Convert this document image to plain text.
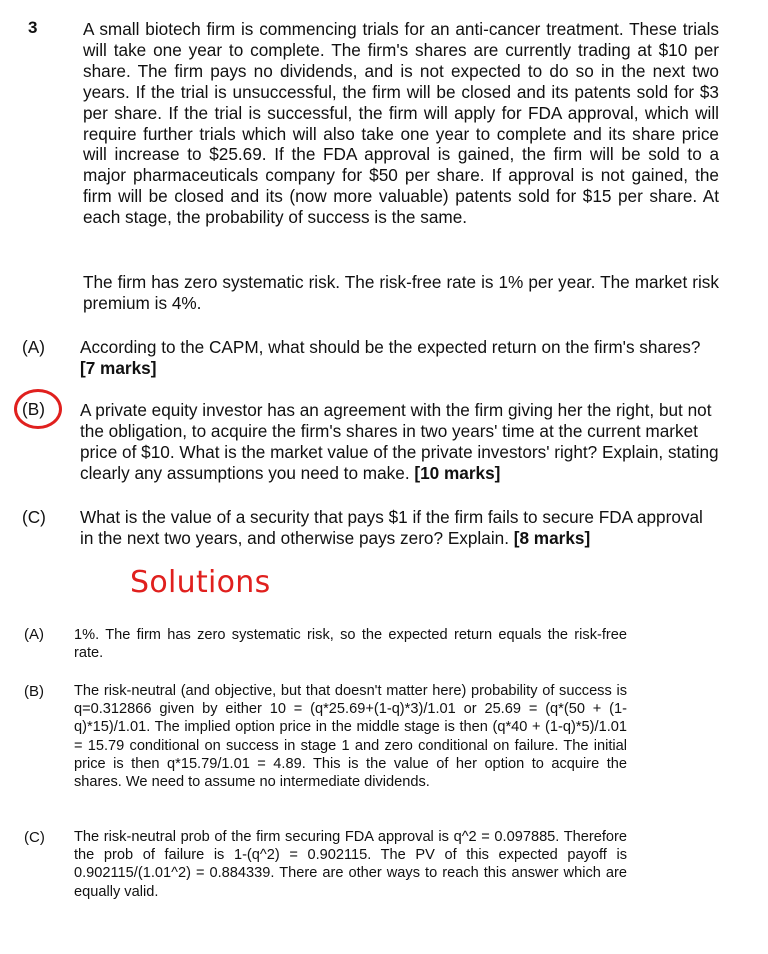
3	A small biotech firm is commencing trials for an anti-cancer treatment. These trials will take one year to complete. The firm's shares are currently trading at $10 per share. The firm pays no dividends, and is not expected to do so in the next two years. If the trial is unsuccessful, the firm will be closed and its patents sold for $3 per share. If the trial is successful, the firm will apply for FDA approval, which will require further trials which will also take one year to complete and its share price will increase to $25.69. If the FDA approval is gained, the firm will be sold to a major pharmaceuticals company for $50 per share. If approval is not gained, the firm will be closed and its (now more valuable) patents sold for $15 per share. At each stage, the probability of success is the same.
The firm has zero systematic risk. The risk-free rate is 1% per year. The market risk premium is 4%.
(A) According to the CAPM, what should be the expected return on the firm's shares? [7 marks]
(B) A private equity investor has an agreement with the firm giving her the right, but not the obligation, to acquire the firm's shares in two years' time at the current market price of $10. What is the market value of the private investors' right? Explain, stating clearly any assumptions you need to make. [10 marks]
(C) What is the value of a security that pays $1 if the firm fails to secure FDA approval in the next two years, and otherwise pays zero? Explain. [8 marks]
Solutions
(A) 1%. The firm has zero systematic risk, so the expected return equals the risk-free rate.
(B) The risk-neutral (and objective, but that doesn't matter here) probability of success is q=0.312866 given by either 10 = (q*25.69+(1-q)*3)/1.01 or 25.69 = (q*(50 + (1-q)*15)/1.01. The implied option price in the middle stage is then (q*40 + (1-q)*5)/1.01 = 15.79 conditional on success in stage 1 and zero conditional on failure. The initial price is then q*15.79/1.01 = 4.89. This is the value of her option to acquire the shares. We need to assume no intermediate dividends.
(C) The risk-neutral prob of the firm securing FDA approval is q^2 = 0.097885. Therefore the prob of failure is 1-(q^2) = 0.902115. The PV of this expected payoff is 0.902115/(1.01^2) = 0.884339. There are other ways to reach this answer which are equally valid.
